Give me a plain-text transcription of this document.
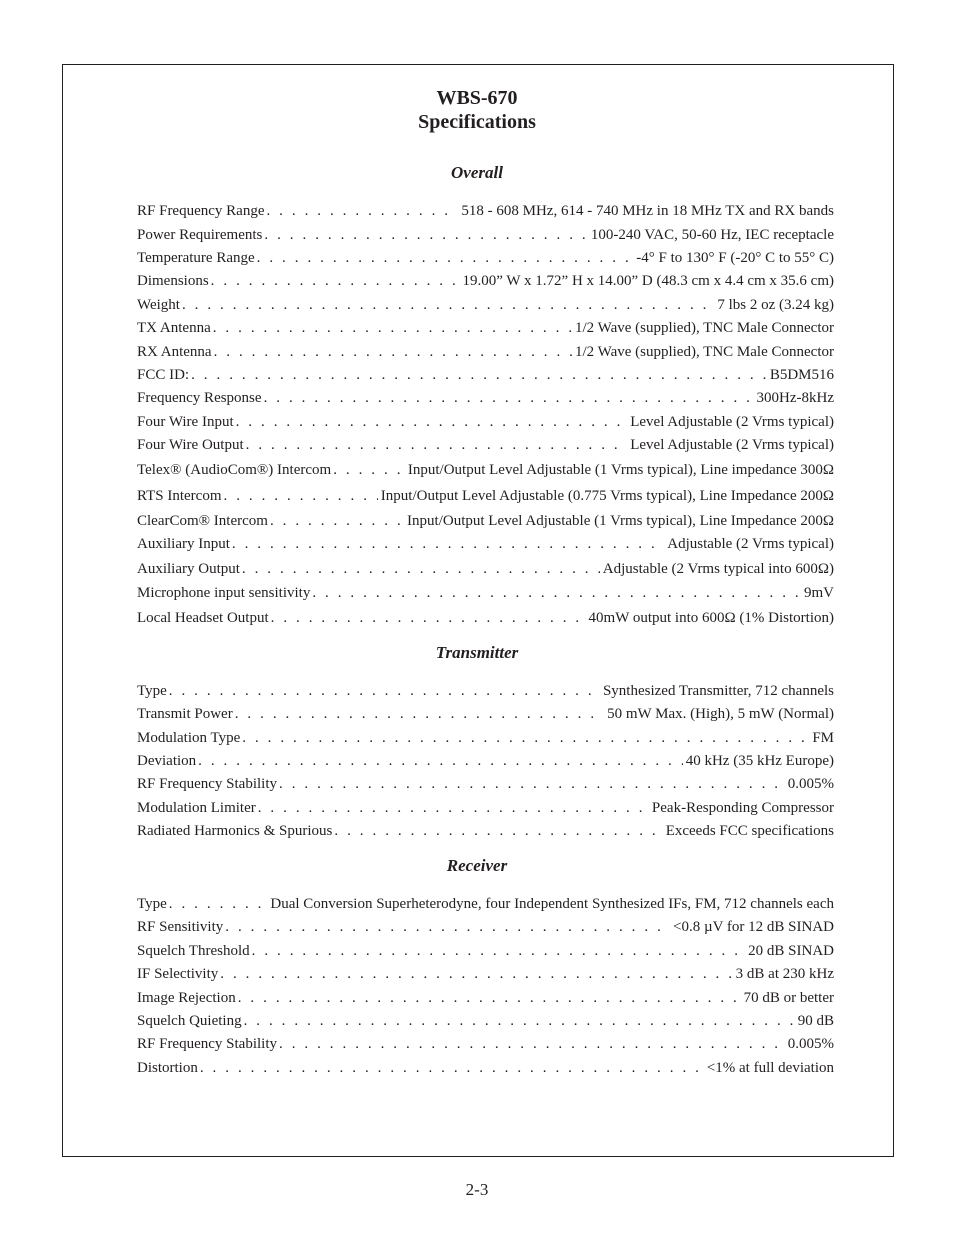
WBS-670
Specifications
Overall
RF Frequency Range . . .	518 - 608 MHz, 614 - 740 MHz in 18 MHz TX and RX bands
Power Requirements . . .	100-240 VAC, 50-60 Hz, IEC receptacle
Temperature Range . . .	-4° F to 130° F (-20° C to 55° C)
Dimensions . . .	19.00” W x 1.72” H x 14.00” D (48.3 cm x 4.4 cm x 35.6 cm)
Weight . . .	7 lbs 2 oz (3.24 kg)
TX Antenna . . .	1/2 Wave (supplied), TNC Male Connector
RX Antenna . . .	1/2 Wave (supplied), TNC Male Connector
FCC ID: . . .	B5DM516
Frequency Response . . .	300Hz-8kHz
Four Wire Input . . .	Level Adjustable (2 Vrms typical)
Four Wire Output . . .	Level Adjustable (2 Vrms typical)
Telex® (AudioCom®) Intercom . . .	Input/Output Level Adjustable (1 Vrms typical), Line impedance 300Ω
RTS Intercom . . .	Input/Output Level Adjustable (0.775 Vrms typical), Line Impedance 200Ω
ClearCom® Intercom . . .	Input/Output Level Adjustable (1 Vrms typical), Line Impedance 200Ω
Auxiliary Input . . .	Adjustable (2 Vrms typical)
Auxiliary Output . . .	Adjustable (2 Vrms typical into 600Ω)
Microphone input sensitivity . . .	9mV
Local Headset Output . . .	40mW output into 600Ω (1% Distortion)
Transmitter
Type . . .	Synthesized Transmitter, 712 channels
Transmit Power . . .	50 mW Max. (High), 5 mW (Normal)
Modulation Type . . .	FM
Deviation . . .	40 kHz (35 kHz Europe)
RF Frequency Stability . . .	0.005%
Modulation Limiter . . .	Peak-Responding Compressor
Radiated Harmonics & Spurious . . .	Exceeds FCC specifications
Receiver
Type . . .	Dual Conversion Superheterodyne, four Independent Synthesized IFs, FM, 712 channels each
RF Sensitivity . . .	<0.8 µV for 12 dB SINAD
Squelch Threshold . . .	20 dB SINAD
IF Selectivity . . .	3 dB at 230 kHz
Image Rejection . . .	70 dB or better
Squelch Quieting . . .	90 dB
RF Frequency Stability . . .	0.005%
Distortion . . .	<1% at full deviation
2-3
